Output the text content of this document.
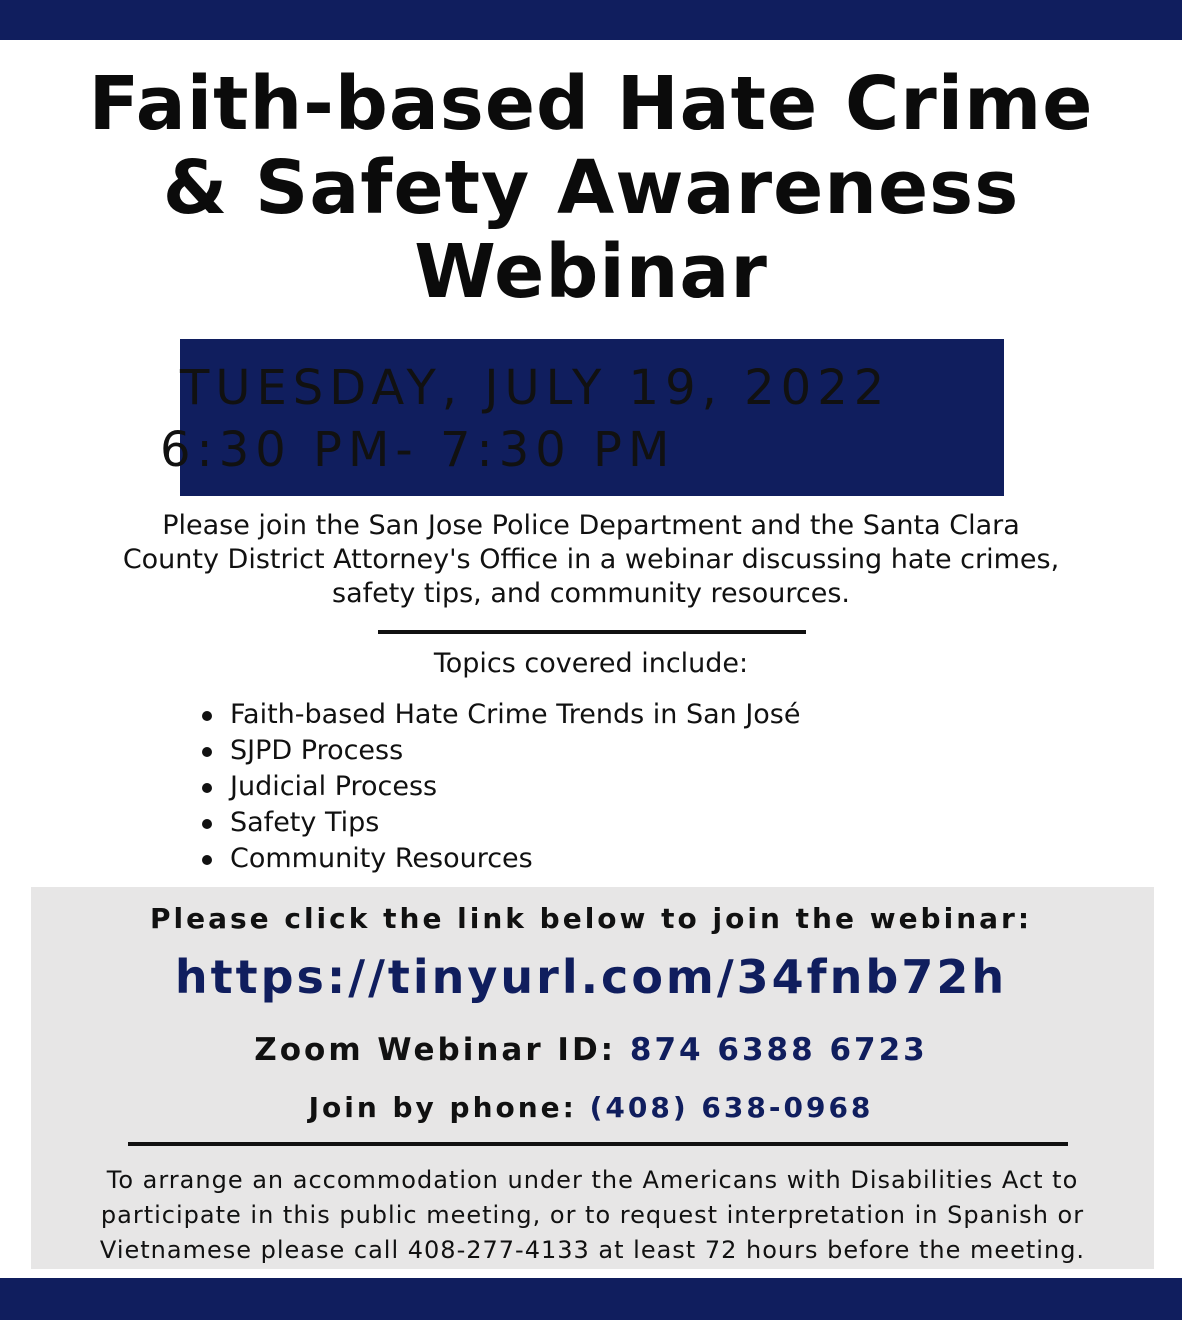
Faith-based Hate Crime
& Safety Awareness
Webinar
TUESDAY, JULY 19, 2022
6:30 PM- 7:30 PM
Please join the San Jose Police Department and the Santa Clara
County District Attorney's Office in a webinar discussing hate crimes,
safety tips, and community resources.
Topics covered include:
Faith-based Hate Crime Trends in San José
SJPD Process
Judicial Process
Safety Tips
Community Resources
Please click the link below to join the webinar:
https://tinyurl.com/34fnb72h
Zoom Webinar ID: 874 6388 6723
Join by phone: (408) 638-0968
To arrange an accommodation under the Americans with Disabilities Act to
participate in this public meeting, or to request interpretation in Spanish or
Vietnamese please call 408-277-4133 at least 72 hours before the meeting.
